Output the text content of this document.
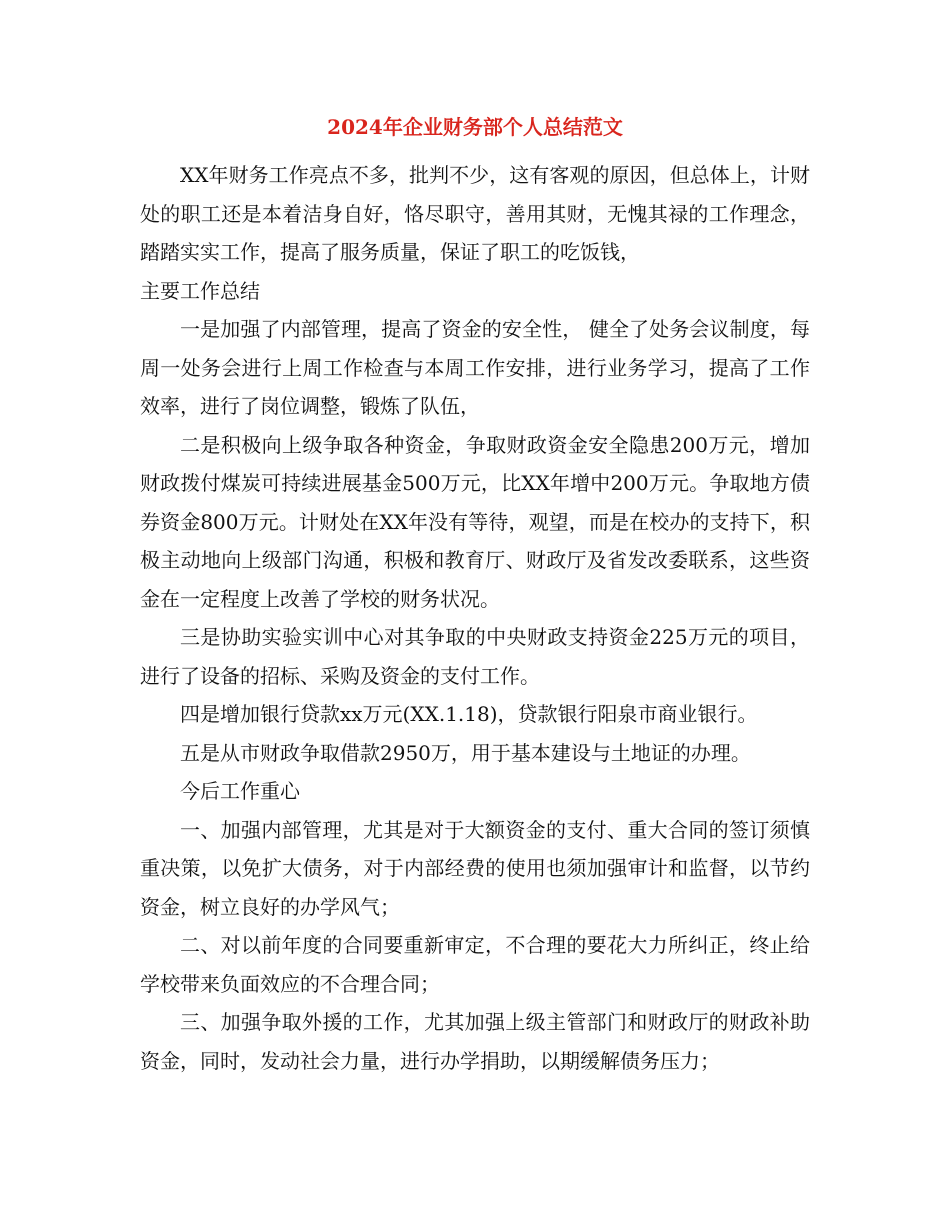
2024年企业财务部个人总结范文

XX年财务工作亮点不多，批判不少，这有客观的原因，但总体上，计财处的职工还是本着洁身自好，恪尽职守，善用其财，无愧其禄的工作理念，踏踏实实工作，提高了服务质量，保证了职工的吃饭钱，

主要工作总结

一是加强了内部管理，提高了资金的安全性， 健全了处务会议制度，每周一处务会进行上周工作检查与本周工作安排，进行业务学习，提高了工作效率，进行了岗位调整，锻炼了队伍，

二是积极向上级争取各种资金，争取财政资金安全隐患200万元，增加财政拨付煤炭可持续进展基金500万元，比XX年增中200万元。争取地方债券资金800万元。计财处在XX年没有等待，观望，而是在校办的支持下，积极主动地向上级部门沟通，积极和教育厅、财政厅及省发改委联系，这些资金在一定程度上改善了学校的财务状况。

三是协助实验实训中心对其争取的中央财政支持资金225万元的项目，进行了设备的招标、采购及资金的支付工作。

四是增加银行贷款xx万元(XX.1.18)，贷款银行阳泉市商业银行。

五是从市财政争取借款2950万，用于基本建设与土地证的办理。

今后工作重心

一、加强内部管理，尤其是对于大额资金的支付、重大合同的签订须慎重决策，以免扩大债务，对于内部经费的使用也须加强审计和监督，以节约资金，树立良好的办学风气；

二、对以前年度的合同要重新审定，不合理的要花大力所纠正，终止给学校带来负面效应的不合理合同；

三、加强争取外援的工作，尤其加强上级主管部门和财政厅的财政补助资金，同时，发动社会力量，进行办学捐助，以期缓解债务压力；
